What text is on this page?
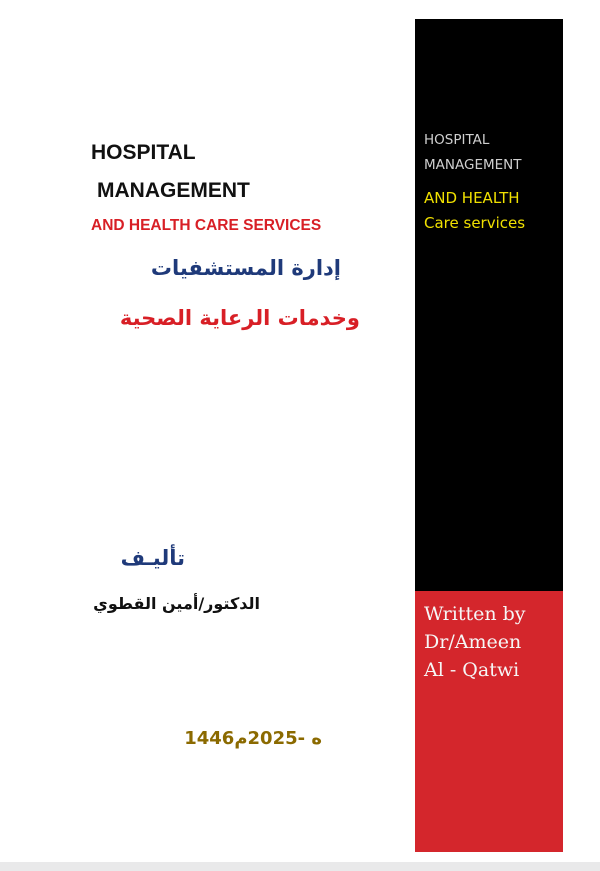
HOSPITAL
MANAGEMENT
AND HEALTH CARE SERVICES
إدارة المستشفيات
وخدمات الرعاية الصحية

تأليـف

الدكتور/أمين القطوي

1446ه -2025م

HOSPITAL

MANAGEMENT

AND HEALTH

Care services

Written by

Dr/Ameen

Al - Qatwi
